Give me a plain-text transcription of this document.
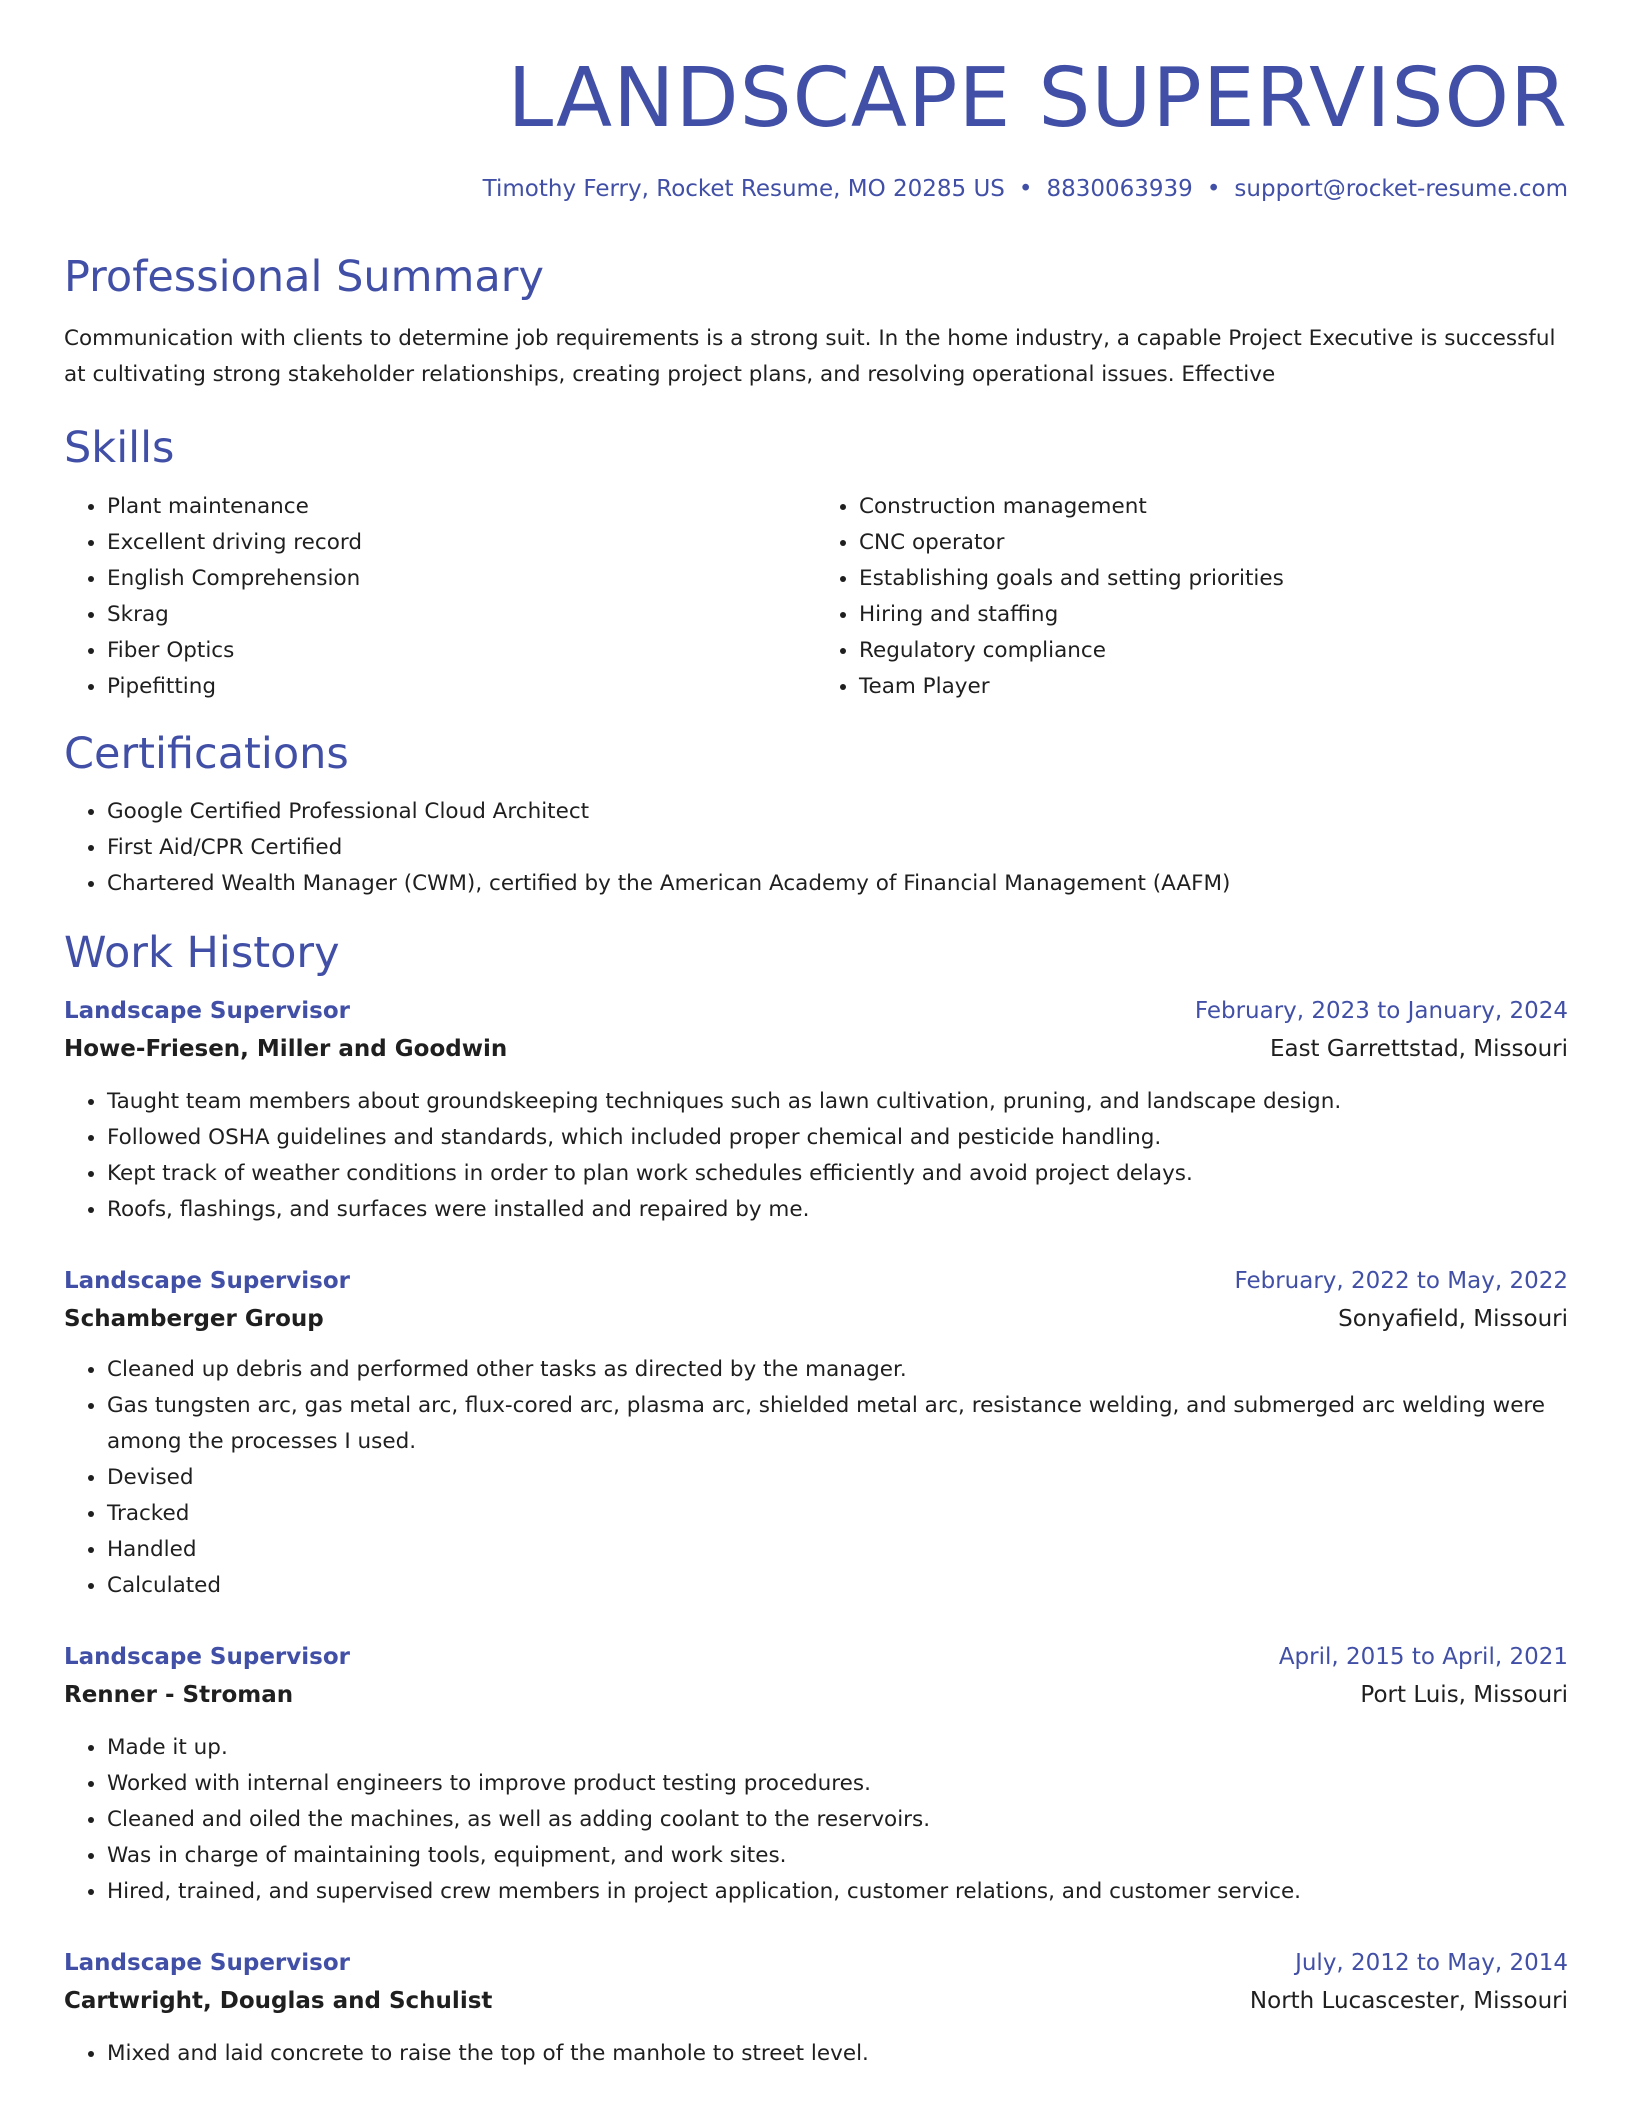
LANDSCAPE SUPERVISOR
Timothy Ferry, Rocket Resume, MO 20285 US • 8830063939 • support@rocket-resume.com
Professional Summary

Communication with clients to determine job requirements is a strong suit. In the home industry, a capable Project Executive is successful at cultivating strong stakeholder relationships, creating project plans, and resolving operational issues. Effective

Skills
• Plant maintenance
• Excellent driving record
• English Comprehension
• Skrag
• Fiber Optics
• Pipefitting
• Construction management
• CNC operator
• Establishing goals and setting priorities
• Hiring and staffing
• Regulatory compliance
• Team Player
Certifications
• Google Certified Professional Cloud Architect
• First Aid/CPR Certified
• Chartered Wealth Manager (CWM), certified by the American Academy of Financial Management (AAFM)
Work History
Landscape Supervisor	February, 2023 to January, 2024
Howe-Friesen, Miller and Goodwin	East Garrettstad, Missouri
• Taught team members about groundskeeping techniques such as lawn cultivation, pruning, and landscape design.
• Followed OSHA guidelines and standards, which included proper chemical and pesticide handling.
• Kept track of weather conditions in order to plan work schedules efficiently and avoid project delays.
• Roofs, flashings, and surfaces were installed and repaired by me.
Landscape Supervisor	February, 2022 to May, 2022
Schamberger Group	Sonyafield, Missouri
• Cleaned up debris and performed other tasks as directed by the manager.
• Gas tungsten arc, gas metal arc, flux-cored arc, plasma arc, shielded metal arc, resistance welding, and submerged arc welding were among the processes I used.
• Devised
• Tracked
• Handled
• Calculated
Landscape Supervisor	April, 2015 to April, 2021
Renner - Stroman	Port Luis, Missouri
• Made it up.
• Worked with internal engineers to improve product testing procedures.
• Cleaned and oiled the machines, as well as adding coolant to the reservoirs.
• Was in charge of maintaining tools, equipment, and work sites.
• Hired, trained, and supervised crew members in project application, customer relations, and customer service.
Landscape Supervisor	July, 2012 to May, 2014
Cartwright, Douglas and Schulist	North Lucascester, Missouri
• Mixed and laid concrete to raise the top of the manhole to street level.
